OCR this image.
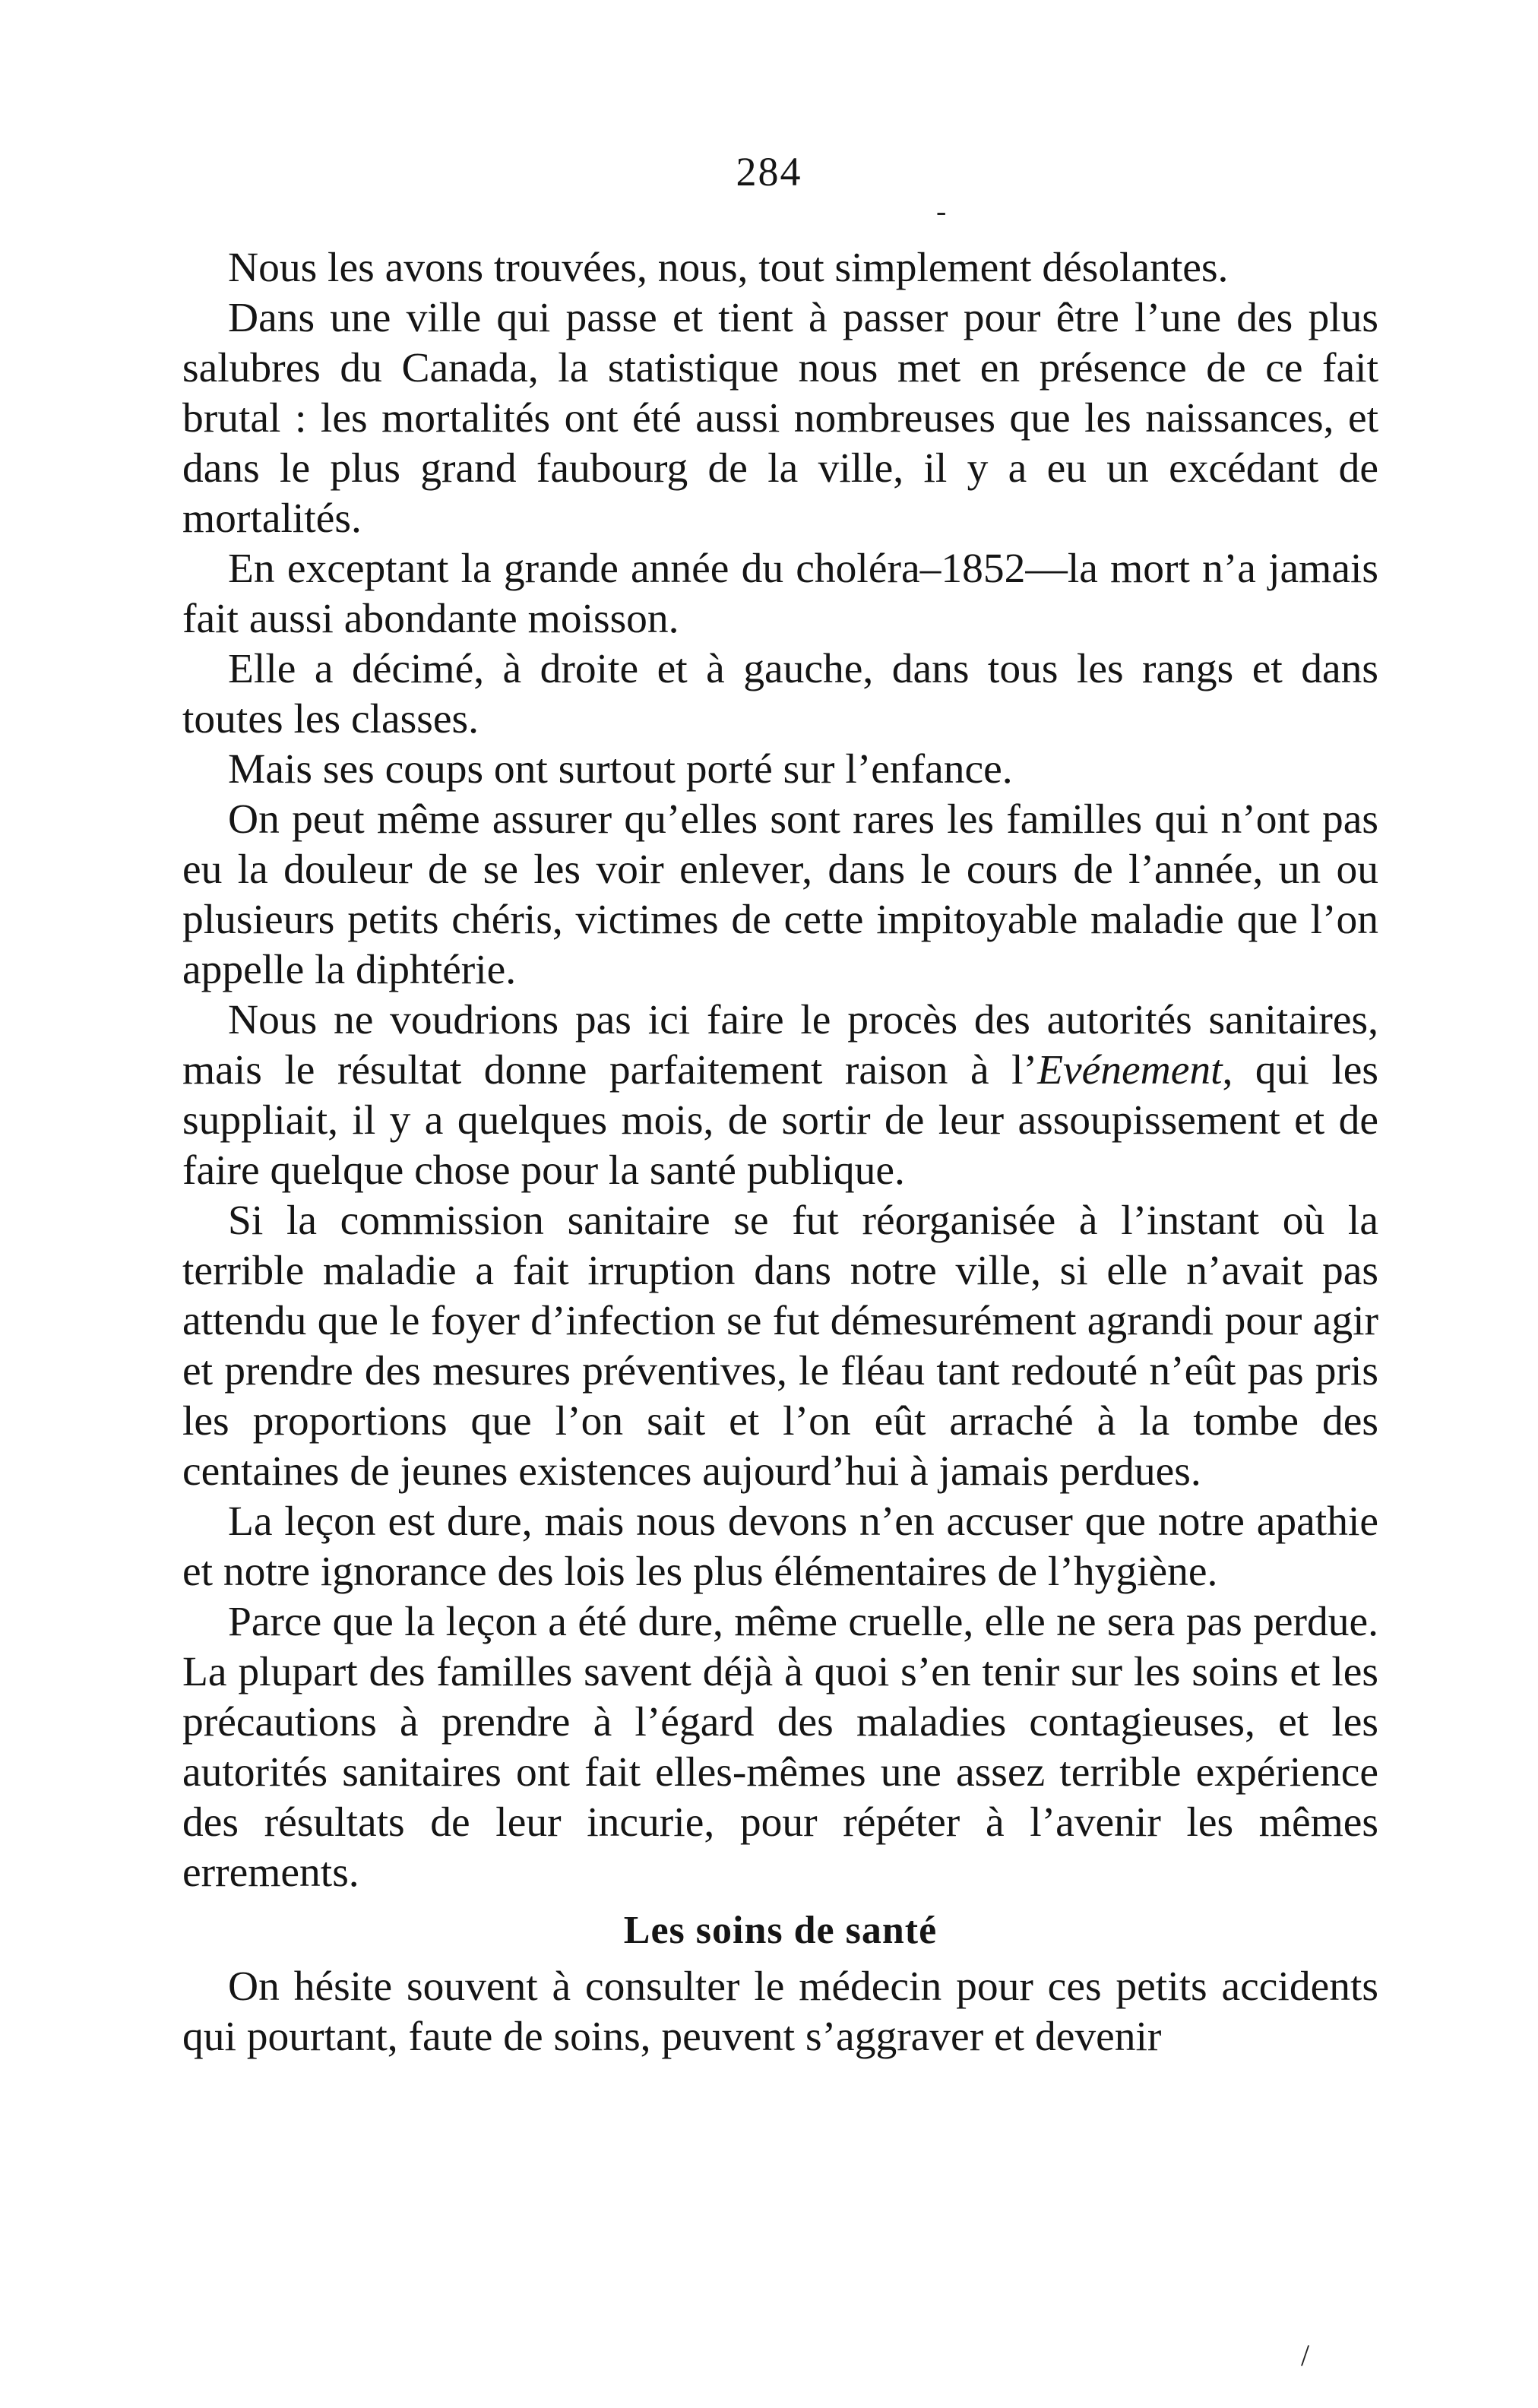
284
-

Nous les avons trouvées, nous, tout simplement désolantes.

Dans une ville qui passe et tient à passer pour être l’une des plus salubres du Canada, la statistique nous met en présence de ce fait brutal : les mortalités ont été aussi nombreuses que les naissances, et dans le plus grand faubourg de la ville, il y a eu un excédant de mortalités.

En exceptant la grande année du choléra–1852—la mort n’a jamais fait aussi abondante moisson.

Elle a décimé, à droite et à gauche, dans tous les rangs et dans toutes les classes.

Mais ses coups ont surtout porté sur l’enfance.

On peut même assurer qu’elles sont rares les familles qui n’ont pas eu la douleur de se les voir enlever, dans le cours de l’année, un ou plusieurs petits chéris, victimes de cette impitoyable maladie que l’on appelle la diphtérie.

Nous ne voudrions pas ici faire le procès des autorités sanitaires, mais le résultat donne parfaitement raison à l’Evénement, qui les suppliait, il y a quelques mois, de sortir de leur assoupissement et de faire quelque chose pour la santé publique.

Si la commission sanitaire se fut réorganisée à l’instant où la terrible maladie a fait irruption dans notre ville, si elle n’avait pas attendu que le foyer d’infection se fut démesurément agrandi pour agir et prendre des mesures préventives, le fléau tant redouté n’eût pas pris les proportions que l’on sait et l’on eût arraché à la tombe des centaines de jeunes existences aujourd’hui à jamais perdues.

La leçon est dure, mais nous devons n’en accuser que notre apathie et notre ignorance des lois les plus élémentaires de l’hygiène.

Parce que la leçon a été dure, même cruelle, elle ne sera pas perdue. La plupart des familles savent déjà à quoi s’en tenir sur les soins et les précautions à prendre à l’égard des maladies contagieuses, et les autorités sanitaires ont fait elles-mêmes une assez terrible expérience des résultats de leur incurie, pour répéter à l’avenir les mêmes errements.

Les soins de santé

On hésite souvent à consulter le médecin pour ces petits accidents qui pourtant, faute de soins, peuvent s’aggraver et devenir

/
